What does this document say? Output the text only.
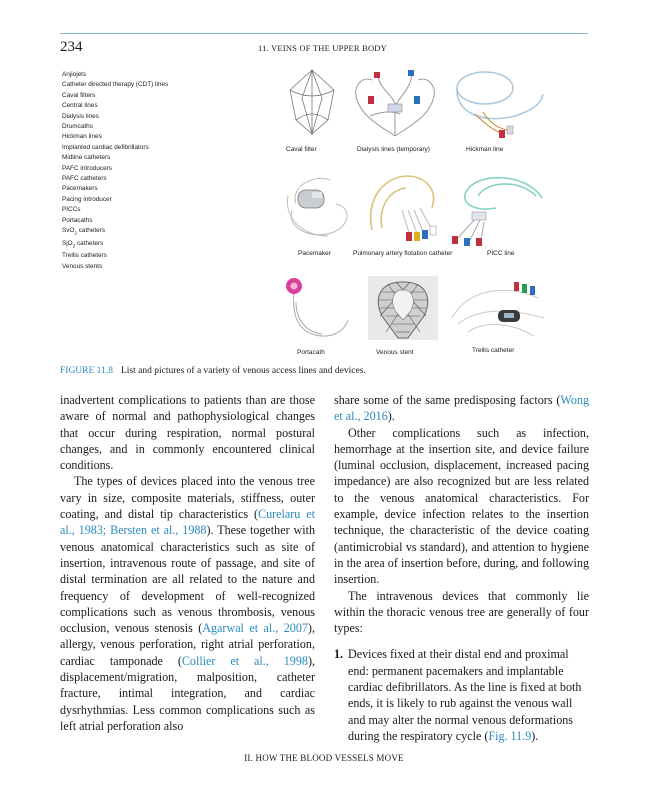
234	11. VEINS OF THE UPPER BODY
Anjiojets
Catheter directed therapy (CDT) lines
Caval filters
Central lines
Dialysis lines
Drumcaths
Hickman lines
Implanted cardiac defibrillators
Midline catheters
PAFC introducers
PAFC catheters
Pacemakers
Pacing introducer
PICCs
Portacaths
SvO$_2$ catheters
SjO$_2$ catheters
Trellis catheters
Venous stents
Caval filter	Dialysis lines (temporary)	Hickman line
Pacemaker	Pulmonary artery flotation catheter	PICC line
Portacath	Venous stent	Trellis catheter
FIGURE 11.8 List and pictures of a variety of venous access lines and devices.

inadvertent complications to patients than are those aware of normal and pathophysiological changes that occur during respiration, normal postural changes, and in commonly encountered clinical conditions.

The types of devices placed into the venous tree vary in size, composite materials, stiffness, outer coating, and distal tip characteristics (Curelaru et al., 1983; Bersten et al., 1988). These together with venous anatomical characteristics such as site of insertion, intravenous route of passage, and site of distal termination are all related to the nature and frequency of development of well-recognized complications such as venous thrombosis, venous occlusion, venous stenosis (Agarwal et al., 2007), allergy, venous perforation, right atrial perforation, cardiac tamponade (Collier et al., 1998), displacement/migration, malposition, catheter fracture, intimal integration, and cardiac dysrhythmias. Less common complications such as left atrial perforation also

share some of the same predisposing factors (Wong et al., 2016).

Other complications such as infection, hemorrhage at the insertion site, and device failure (luminal occlusion, displacement, increased pacing impedance) are also recognized but are less related to the venous anatomical characteristics. For example, device infection relates to the insertion technique, the characteristic of the device coating (antimicrobial vs standard), and attention to hygiene in the area of insertion before, during, and following insertion.

The intravenous devices that commonly lie within the thoracic venous tree are generally of four types:

1. Devices fixed at their distal end and proximal end: permanent pacemakers and implantable cardiac defibrillators. As the line is fixed at both ends, it is likely to rub against the venous wall and may alter the normal venous deformations during the respiratory cycle (Fig. 11.9).
II. HOW THE BLOOD VESSELS MOVE
